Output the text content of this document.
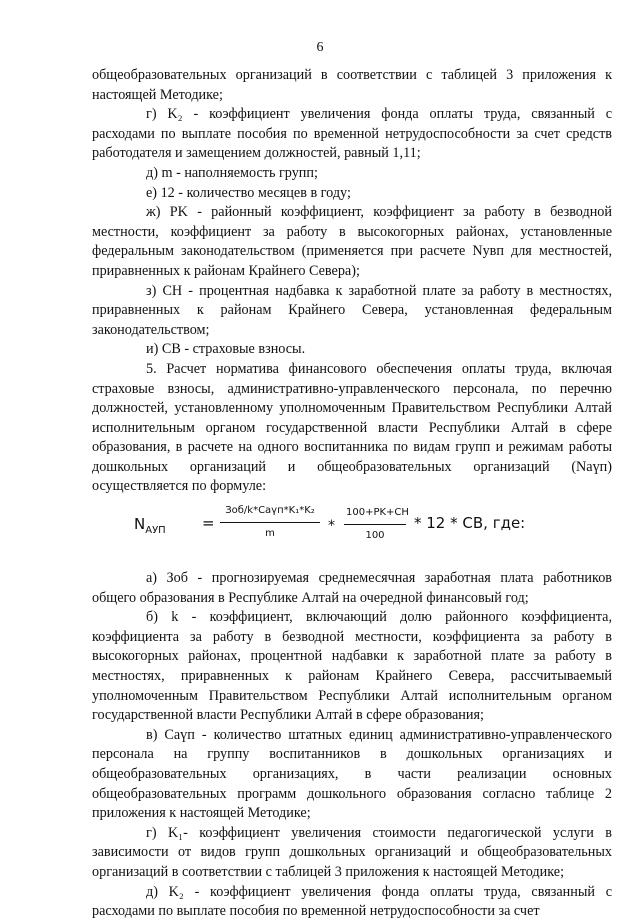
6

общеобразовательных организаций в соответствии с таблицей 3 приложения к настоящей Методике;

г) K₂ - коэффициент увеличения фонда оплаты труда, связанный с расходами по выплате пособия по временной нетрудоспособности за счет средств работодателя и замещением должностей, равный 1,11;

д) m - наполняемость групп;

е) 12 - количество месяцев в году;

ж) PK - районный коэффициент, коэффициент за работу в безводной местности, коэффициент за работу в высокогорных районах, установленные федеральным законодательством (применяется при расчете Nувп для местностей, приравненных к районам Крайнего Севера);

з) CH - процентная надбавка к заработной плате за работу в местностях, приравненных к районам Крайнего Севера, установленная федеральным законодательством;

и) CB - страховые взносы.

5. Расчет норматива финансового обеспечения оплаты труда, включая страховые взносы, административно-управленческого персонала, по перечню должностей, установленному уполномоченным Правительством Республики Алтай исполнительным органом государственной власти Республики Алтай в сфере образования, в расчете на одного воспитанника по видам групп и режимам работы дошкольных организаций и общеобразовательных организаций (Nаүп) осуществляется по формуле:

$N_{АУП}$ =
Зоб/k*Cаүп*K₁*K₂
m	*
100+PK+CH
100
* 12 * CB, где:

а) Зоб - прогнозируемая среднемесячная заработная плата работников общего образования в Республике Алтай на очередной финансовый год;

б) k - коэффициент, включающий долю районного коэффициента, коэффициента за работу в безводной местности, коэффициента за работу в высокогорных районах, процентной надбавки к заработной плате за работу в местностях, приравненных к районам Крайнего Севера, рассчитываемый уполномоченным Правительством Республики Алтай исполнительным органом государственной власти Республики Алтай в сфере образования;

в) Cаүп - количество штатных единиц административно-управленческого персонала на группу воспитанников в дошкольных организациях и общеобразовательных организациях, в части реализации основных общеобразовательных программ дошкольного образования согласно таблице 2 приложения к настоящей Методике;

г) K₁- коэффициент увеличения стоимости педагогической услуги в зависимости от видов групп дошкольных организаций и общеобразовательных организаций в соответствии с таблицей 3 приложения к настоящей Методике;

д) K₂ - коэффициент увеличения фонда оплаты труда, связанный с расходами по выплате пособия по временной нетрудоспособности за счет
